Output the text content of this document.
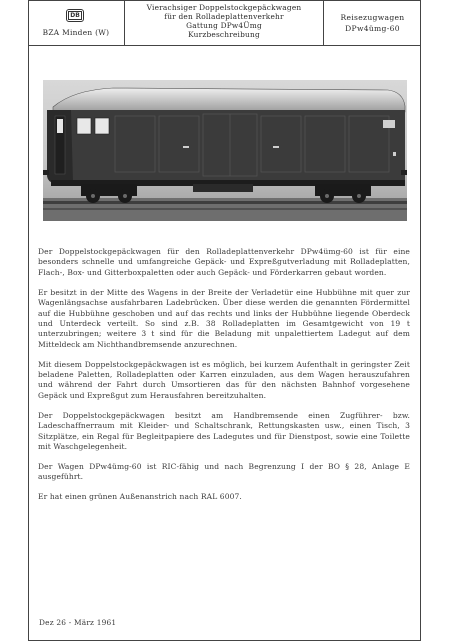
DB
BZA Minden (W)
Vierachsiger Doppelstockgepäckwagen
für den Rolladeplattenverkehr
Gattung DPw4Ümg
Kurzbeschreibung
Reisezugwagen
DPw4ümg-60

Der Doppelstockgepäckwagen für den Rolladeplattenverkehr DPw4ümg-60 ist für eine besonders schnelle und umfangreiche Gepäck- und Expreßgutverladung mit Rolladeplatten, Flach-, Box- und Gitterboxpaletten oder auch Gepäck- und Förderkarren gebaut worden.

Er besitzt in der Mitte des Wagens in der Breite der Verladetür eine Hubbühne mit quer zur Wagenlängsachse ausfahrbaren Ladebrücken. Über diese werden die genannten Fördermittel auf die Hubbühne geschoben und auf das rechts und links der Hubbühne liegende Oberdeck und Unterdeck verteilt. So sind z.B. 38 Rolladeplatten im Gesamtgewicht von 19 t unterzubringen; weitere 3 t sind für die Beladung mit unpalettiertem Ladegut auf dem Mitteldeck am Nichthandbremsende anzurechnen.

Mit diesem Doppelstockgepäckwagen ist es möglich, bei kurzem Aufenthalt in geringster Zeit beladene Paletten, Rolladeplatten oder Karren einzuladen, aus dem Wagen herauszufahren und während der Fahrt durch Umsortieren das für den nächsten Bahnhof vorgesehene Gepäck und Expreßgut zum Herausfahren bereitzuhalten.

Der Doppelstockgepäckwagen besitzt am Handbremsende einen Zugführer- bzw. Ladeschaffnerraum mit Kleider- und Schaltschrank, Rettungskasten usw., einen Tisch, 3 Sitzplätze, ein Regal für Begleitpapiere des Ladegutes und für Dienstpost, sowie eine Toilette mit Waschgelegenheit.

Der Wagen DPw4ümg-60 ist RIC-fähig und nach Begrenzung I der BO § 28, Anlage E ausgeführt.

Er hat einen grünen Außenanstrich nach RAL 6007.

Dez 26 - März 1961
